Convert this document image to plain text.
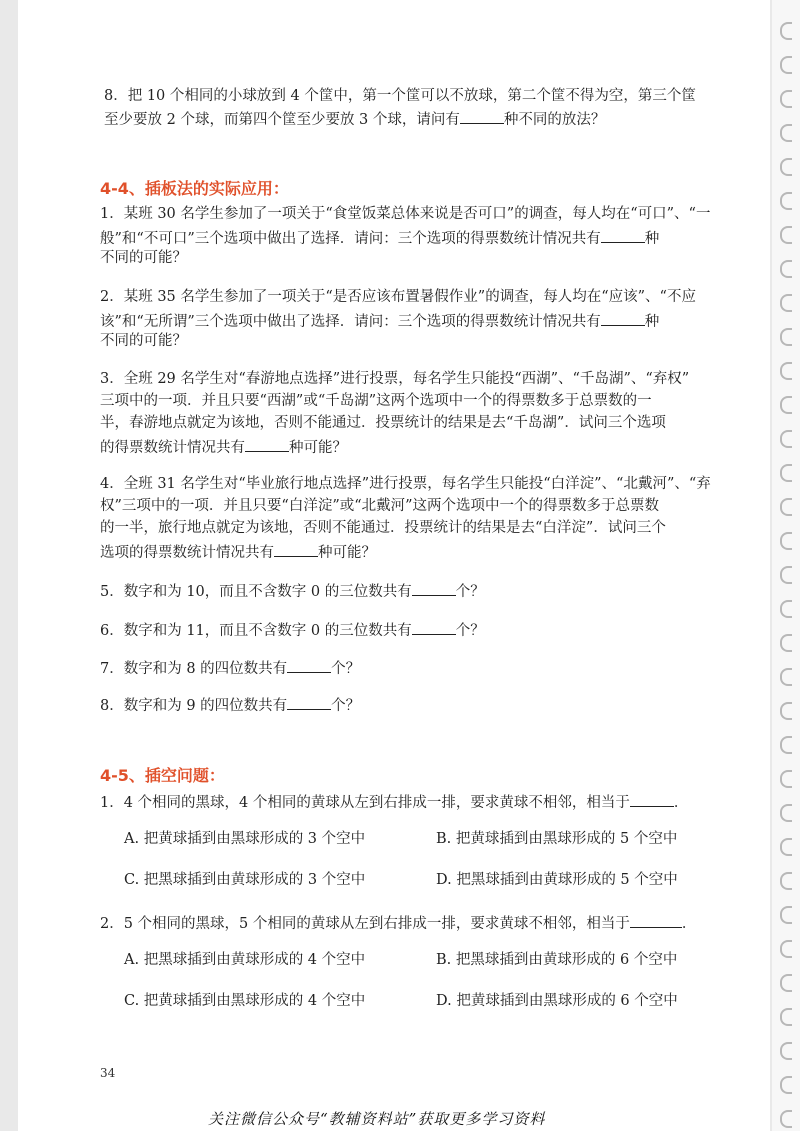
8．把 10 个相同的小球放到 4 个筐中，第一个筐可以不放球，第二个筐不得为空，第三个筐
至少要放 2 个球，而第四个筐至少要放 3 个球，请问有	种不同的放法？
4-4、插板法的实际应用：
1．某班 30 名学生参加了一项关于“食堂饭菜总体来说是否可口”的调查，每人均在“可口”、“一
般”和“不可口”三个选项中做出了选择．请问：三个选项的得票数统计情况共有	种
不同的可能？
2．某班 35 名学生参加了一项关于“是否应该布置暑假作业”的调查，每人均在“应该”、“不应
该”和“无所谓”三个选项中做出了选择．请问：三个选项的得票数统计情况共有	种
不同的可能？
3．全班 29 名学生对“春游地点选择”进行投票，每名学生只能投“西湖”、“千岛湖”、“弃权”
三项中的一项．并且只要“西湖”或“千岛湖”这两个选项中一个的得票数多于总票数的一
半，春游地点就定为该地，否则不能通过．投票统计的结果是去“千岛湖”．试问三个选项
的得票数统计情况共有	种可能？
4．全班 31 名学生对“毕业旅行地点选择”进行投票，每名学生只能投“白洋淀”、“北戴河”、“弃
权”三项中的一项．并且只要“白洋淀”或“北戴河”这两个选项中一个的得票数多于总票数
的一半，旅行地点就定为该地，否则不能通过．投票统计的结果是去“白洋淀”．试问三个
选项的得票数统计情况共有	种可能？
5．数字和为 10，而且不含数字 0 的三位数共有	个？
6．数字和为 11，而且不含数字 0 的三位数共有	个？
7．数字和为 8 的四位数共有	个？
8．数字和为 9 的四位数共有	个？
4-5、插空问题：
1．4 个相同的黑球，4 个相同的黄球从左到右排成一排，要求黄球不相邻，相当于	．
A. 把黄球插到由黑球形成的 3 个空中	B. 把黄球插到由黑球形成的 5 个空中
C. 把黑球插到由黄球形成的 3 个空中	D. 把黑球插到由黄球形成的 5 个空中
2．5 个相同的黑球，5 个相同的黄球从左到右排成一排，要求黄球不相邻，相当于	．
A. 把黑球插到由黄球形成的 4 个空中	B. 把黑球插到由黄球形成的 6 个空中
C. 把黄球插到由黑球形成的 4 个空中	D. 把黄球插到由黑球形成的 6 个空中
34
关注微信公众号“教辅资料站”获取更多学习资料
